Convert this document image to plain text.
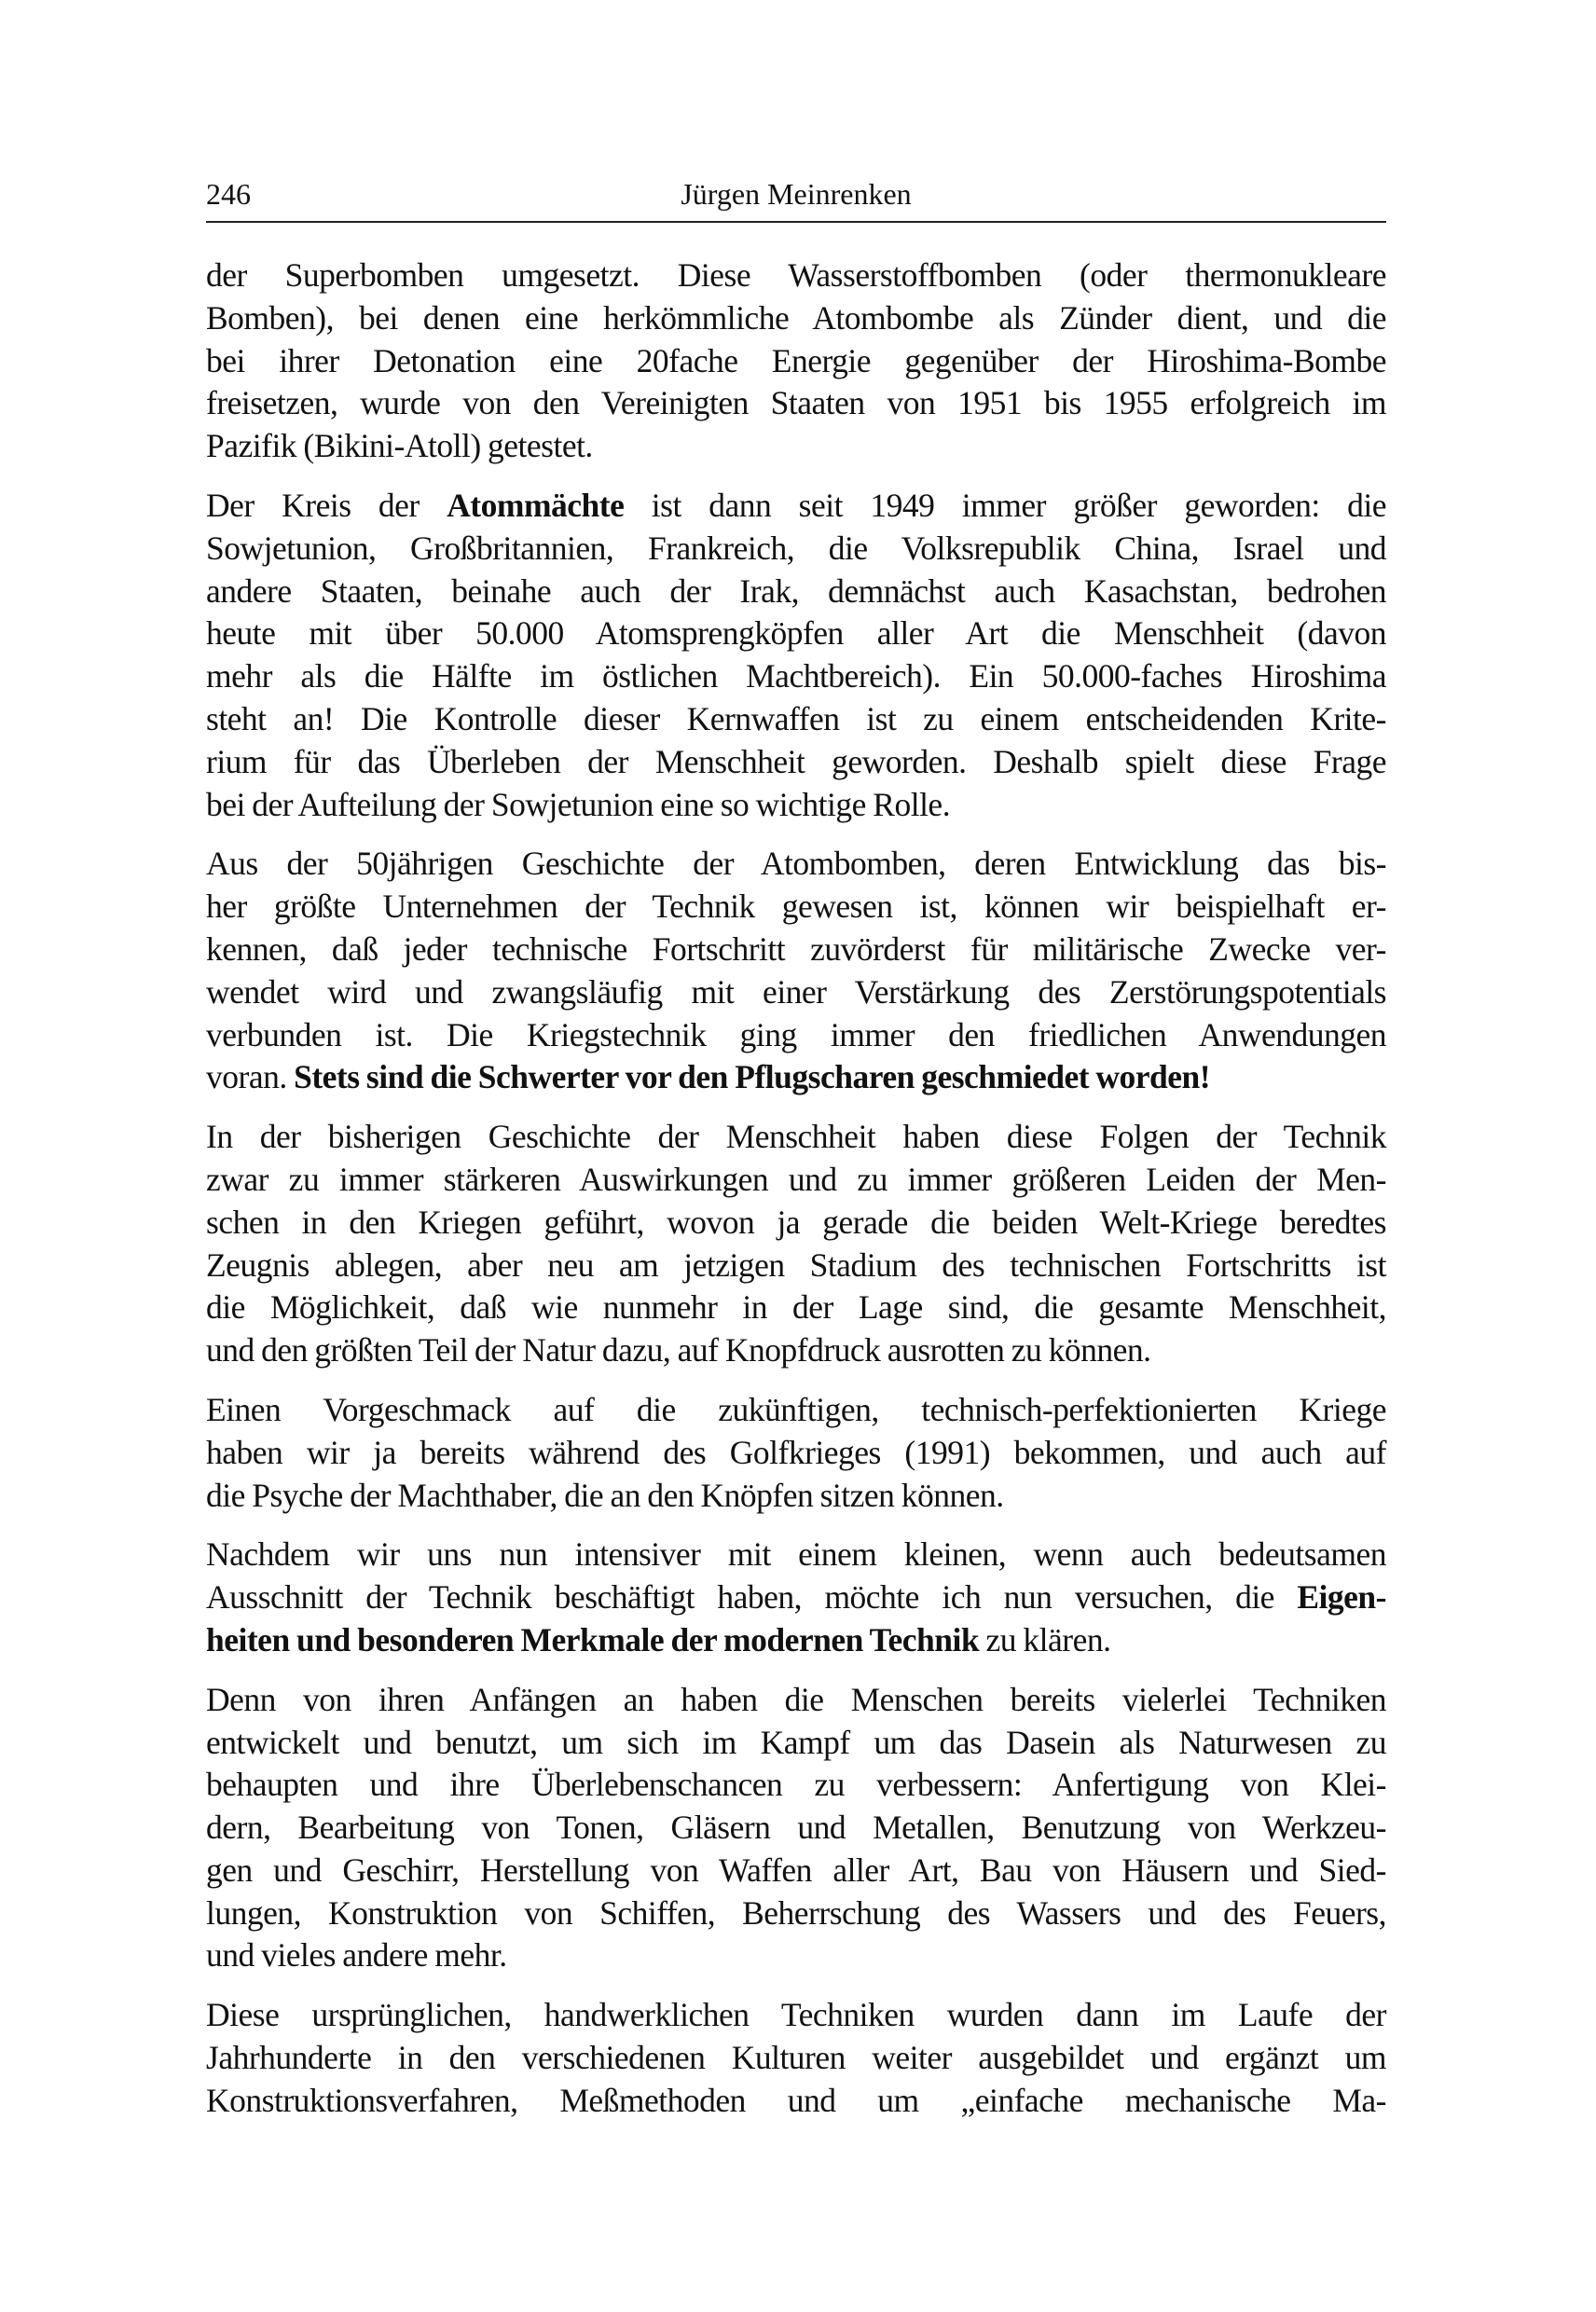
246	Jürgen Meinrenken

der Superbomben umgesetzt. Diese Wasserstoffbomben (oder thermonukleare
Bomben), bei denen eine herkömmliche Atombombe als Zünder dient, und die
bei ihrer Detonation eine 20fache Energie gegenüber der Hiroshima-Bombe
freisetzen, wurde von den Vereinigten Staaten von 1951 bis 1955 erfolgreich im
Pazifik (Bikini-Atoll) getestet.

Der Kreis der Atommächte ist dann seit 1949 immer größer geworden: die
Sowjetunion, Großbritannien, Frankreich, die Volksrepublik China, Israel und
andere Staaten, beinahe auch der Irak, demnächst auch Kasachstan, bedrohen
heute mit über 50.000 Atomsprengköpfen aller Art die Menschheit (davon
mehr als die Hälfte im östlichen Machtbereich). Ein 50.000-faches Hiroshima
steht an! Die Kontrolle dieser Kernwaffen ist zu einem entscheidenden Krite-
rium für das Überleben der Menschheit geworden. Deshalb spielt diese Frage
bei der Aufteilung der Sowjetunion eine so wichtige Rolle.

Aus der 50jährigen Geschichte der Atombomben, deren Entwicklung das bis-
her größte Unternehmen der Technik gewesen ist, können wir beispielhaft er-
kennen, daß jeder technische Fortschritt zuvörderst für militärische Zwecke ver-
wendet wird und zwangsläufig mit einer Verstärkung des Zerstörungspotentials
verbunden ist. Die Kriegstechnik ging immer den friedlichen Anwendungen
voran. Stets sind die Schwerter vor den Pflugscharen geschmiedet worden!

In der bisherigen Geschichte der Menschheit haben diese Folgen der Technik
zwar zu immer stärkeren Auswirkungen und zu immer größeren Leiden der Men-
schen in den Kriegen geführt, wovon ja gerade die beiden Welt-Kriege beredtes
Zeugnis ablegen, aber neu am jetzigen Stadium des technischen Fortschritts ist
die Möglichkeit, daß wie nunmehr in der Lage sind, die gesamte Menschheit,
und den größten Teil der Natur dazu, auf Knopfdruck ausrotten zu können.

Einen Vorgeschmack auf die zukünftigen, technisch-perfektionierten Kriege
haben wir ja bereits während des Golfkrieges (1991) bekommen, und auch auf
die Psyche der Machthaber, die an den Knöpfen sitzen können.

Nachdem wir uns nun intensiver mit einem kleinen, wenn auch bedeutsamen
Ausschnitt der Technik beschäftigt haben, möchte ich nun versuchen, die Eigen-
heiten und besonderen Merkmale der modernen Technik zu klären.

Denn von ihren Anfängen an haben die Menschen bereits vielerlei Techniken
entwickelt und benutzt, um sich im Kampf um das Dasein als Naturwesen zu
behaupten und ihre Überlebenschancen zu verbessern: Anfertigung von Klei-
dern, Bearbeitung von Tonen, Gläsern und Metallen, Benutzung von Werkzeu-
gen und Geschirr, Herstellung von Waffen aller Art, Bau von Häusern und Sied-
lungen, Konstruktion von Schiffen, Beherrschung des Wassers und des Feuers,
und vieles andere mehr.

Diese ursprünglichen, handwerklichen Techniken wurden dann im Laufe der
Jahrhunderte in den verschiedenen Kulturen weiter ausgebildet und ergänzt um
Konstruktionsverfahren, Meßmethoden und um „einfache mechanische Ma-
